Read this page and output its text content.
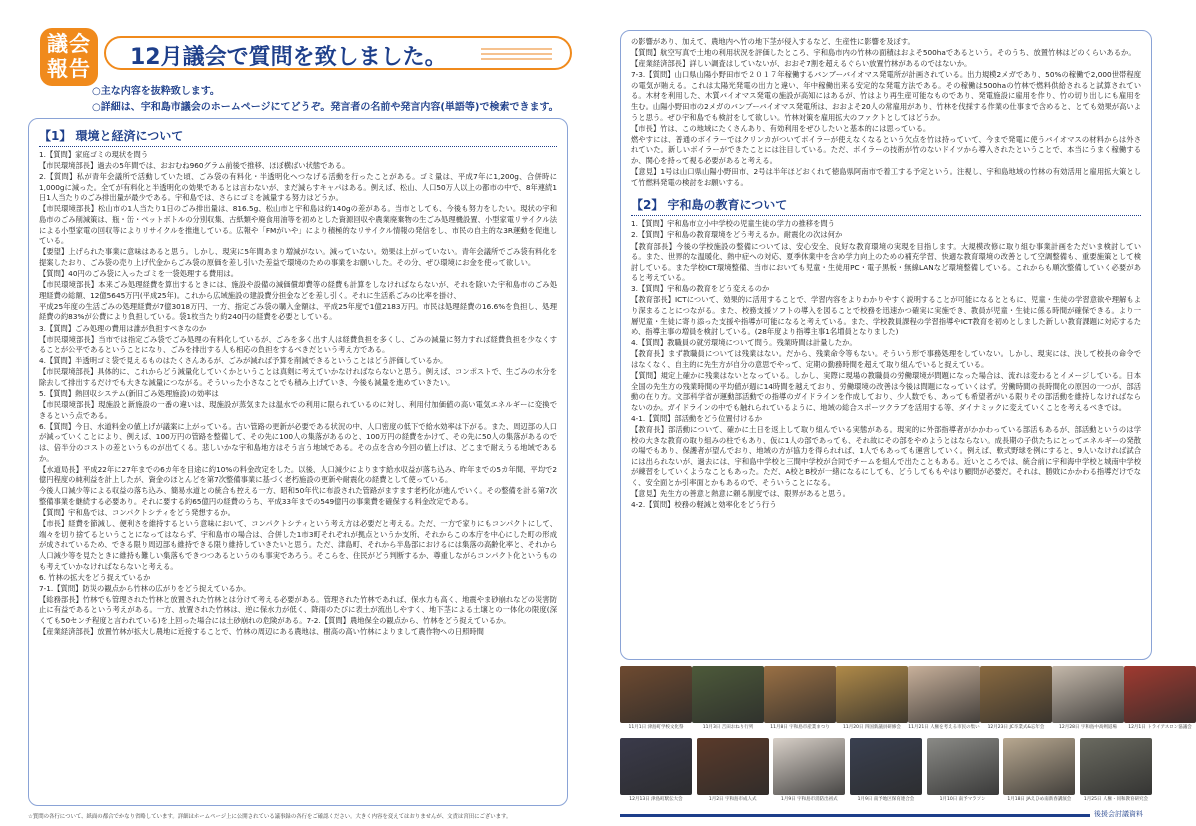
議会
報告	12月議会で質問を致しました。
○主な内容を抜粋致します。
○詳細は、宇和島市議会のホームページにてどうぞ。発言者の名前や発言内容(単語等)で検索できます。
【1】 環境と経済について
1.【質問】家庭ゴミの現状を問う
【市民環境部長】過去の5年間では、おおむね960グラム前後で推移、ほぼ横ばい状態である。
2.【質問】私が青年会議所で活動していた頃、ごみ袋の有料化・半透明化へつなげる活動を行ったことがある。ゴミ量は、平成7年に1,200g、合併時に1,000gに減った。全てが有料化と半透明化の効果であるとは言わないが、まだ減らすキャパはある。例えば、松山、人口50万人以上の都市の中で、8年連続1日1人当たりのごみ排出量が最少である。宇和島では、さらにゴミを減量する努力はどうか。
【市民環境部長】松山市の1人当たり1日のごみ排出量は、816.5g、松山市と宇和島は約140gの差がある。当市としても、今後も努力をしたい。現状の宇和島市のごみ削減策は、瓶・缶・ペットボトルの分別収集、古紙類や廃食用油等を初めとした資源回収や農業廃棄物の生ごみ処理機設置、小型家電リサイクル法による小型家電の回収等によりリサイクルを推進している。広報や「FMがいや」により積極的なリサイクル情報の発信をし、市民の自主的な3R運動を促進している。
【要望】上げられた事業に意味はあると思う。しかし、現実に5年間あまり増減がない。減っていない。効果は上がっていない。青年会議所でごみ袋有料化を提案したおり、ごみ袋の売り上げ代金からごみ袋の原価を差し引いた差益で環境のための事業をお願いした。その分、ぜひ環境にお金を使って欲しい。
【質問】40円のごみ袋に入ったゴミを一袋処理する費用は。
【市民環境部長】本来ごみ処理経費を算出するときには、施設や設備の減価償却費等の経費も計算をしなければならないが、それを除いた宇和島市のごみ処理経費の総額、12億5645万円(平成25年)。これから広域施設の建設費分担金などを差し引く。それに生活系ごみの比率を掛け、
平成25年度の生活ごみの処理経費が7億3018万円、一方、指定ごみ袋の購入金額は、平成25年度で1億2183万円。市民は処理経費の16.6%を負担し、処理経費の約83%が公費により負担している。袋1枚当たり約240円の経費を必要としている。
3.【質問】ごみ処理の費用は誰が負担すべきなのか
【市民環境部長】当市では指定ごみ袋でごみ処理の有料化しているが、ごみを多く出す人は経費負担を多くし、ごみの減量に努力すれば経費負担を少なくすることが公平であるということになり、ごみを排出する人も相応の負担をするべきだという考え方である。
4.【質問】半透明ゴミ袋で見えるものはたくさんあるが、ごみが減れば予算を削減できるということはどう評価しているか。
【市民環境部長】具体的に、これからどう減量化していくかということは真剣に考えていかなければならないと思う。例えば、コンポストで、生ごみの水分を除去して排出するだけでも大きな減量につながる。そういった小さなことでも積み上げていき、今後も減量を進めていきたい。
5.【質問】熱回収システム(新旧ごみ処理施設)の効率は
【市民環境部長】現施設と新施設の一番の違いは、現施設が蒸気または温水での利用に限られているのに対し、利用付加価値の高い電気エネルギーに変換できるという点である。
6.【質問】今日、水道料金の値上げが議案に上がっている。古い管路の更新が必要である状況の中、人口密度の低下で給水効率は下がる。また、周辺部の人口が減っていくことにより、例えば、100万円の管路を整備して、その先に100人の集落があるのと、100万円の経費をかけて、その先に50人の集落があるのでは、倍半分のコストの差というものが出てくる。悲しいかな宇和島地方はそう言う地域である。その点を含め今回の値上げは、どこまで耐えうる地域であるか。
【水道局長】平成22年に27年までの6カ年を目途に約10%の料金改定をした。以後、人口減少によります給水収益が落ち込み、昨年までの5カ年間、平均で2億円程度の純利益を計上したが、資金のほとんどを第7次整備事業に基づく老朽施設の更新や耐震化の経費として使っている。
今後人口減少等による収益の落ち込み、簡易水道との統合も控える一方、昭和50年代に布設された管路がますます老朽化が進んでいく。その整備を計る第7次整備事業を継続する必要あり。それに要する約65億円の経費のうち、平成33年までの549億円の事業費を確保する料金改定である。
【質問】宇和島では、コンパクトシティをどう発想するか。
【市長】経費を節減し、便利さを維持するという意味において、コンパクトシティという考え方は必要だと考える。ただ、一方で家りにもコンパクトにして、端々を切り捨てるということになってはならず、宇和島市の場合は、合併した1市3町それぞれが拠点というか支所、それからこの本庁を中心にした町の形成が成されているため、できる限り周辺部も維持できる限り維持していきたいと思う。ただ、津島町、それから半島部におけるには集落の高齢化率と、それから人口減少等を見たときに維持も難しい集落もできつつあるというのも事実であろう。そこらを、住民がどう判断するか、尊重しながらコンパクト化というものも考えていかなければならないと考える。
6. 竹林の拡大をどう捉えているか
7-1.【質問】防災の観点から竹林の広がりをどう捉えているか。
【総務部長】竹林でも管理された竹林と放置された竹林とは分けて考える必要がある。管理された竹林であれば、保水力も高く、地震やま砂崩れなどの災害防止に有益であるという考えがある。一方、放置された竹林は、逆に保水力が低く、降雨のたびに表土が流出しやすく、地下茎による土壌との一体化の限度(深くても50センチ程度と言われている)を上回った場合には土砂崩れの危険がある。7-2.【質問】農地保全の観点から、竹林をどう捉えているか。
【産業経済部長】放置竹林が拡大し農地に近接することで、竹林の周辺にある農地は、樹高の高い竹林によりまして農作物への日照時間
の影響があり、加えて、農地内へ竹の地下茎が侵入するなど、生産性に影響を及ぼす。
【質問】航空写真で土地の利用状況を評価したところ、宇和島市内の竹林の面積はおよそ500haであるという。そのうち、放置竹林はどのくらいあるか。
【産業経済部長】詳しい調査はしていないが、おおそ7割を超えるぐらい放置竹林があるのではないか。
7-3.【質問】山口県山陽小野田市で２０１７年稼働するバンブーバイオマス発電所が計画されている。出力規模2メガであり、50%の稼働で2,000世帯程度の電気が賄える。これは太陽光発電の出力と違い、年中稼働出来る安定的な発電方法である。その稼働は500haの竹林で燃料供給されると試算されている。木材を利用した、木質バイオマス発電の施設が高知にはあるが、竹はより再生産可能なものであり、発電施設に雇用を作り、竹の切り出しにも雇用を生む。山陽小野田市の2メガのバンブーバイオマス発電所は、おおよそ20人の常雇用があり、竹林を伐採する作業の仕事まで含めると、とても効果が高いようと思う。ぜひ宇和島でも検討をして欲しい。竹林対策を雇用拡大のファクトとしてはどうか。
【市長】竹は、この地域にたくさんあり、有効利用をぜひしたいと基本的には思っている。
燃やすには、普通のボイラーではクリンカがついてボイラーが使えなくなるという欠点を竹は持っていて、今まで発電に使うバイオマスの材料からは外されていた。新しいボイラーができたことには注目している。ただ、ボイラーの技術が竹のないドイツから導入されたということで、本当にうまく稼働するか、関心を持って視る必要があると考える。
【意見】1号は山口県山陽小野田市、2号は半年ほどおくれて徳島県阿南市で着工する予定という。注視し、宇和島地域の竹林の有効活用と雇用拡大策として竹燃料発電の検討をお願いする。
【2】 宇和島の教育について
1.【質問】宇和島市立小中学校の児童生徒の学力の推移を問う
2.【質問】宇和島の教育環境をどう考えるか。耐震化の次は何か
【教育部長】今後の学校施設の整備については、安心安全、良好な教育環境の実現を目指します。大規模改修に取り組む事業計画をただいま検討している。また、世界的な温暖化、熱中症への対応、夏季休業中を含め学力向上のための補充学習、快適な教育環境の改善として空調整備も、重要施策として検討している。また学校ICT環境整備、当市においても児童・生徒用PC・電子黒板・無線LANなど環境整備している。これからも順次整備していく必要があると考えている。
3.【質問】宇和島の教育をどう変えるのか
【教育部長】ICTについて、効果的に活用することで、学習内容をよりわかりやすく説明することが可能になるとともに、児童・生徒の学習意欲や理解もより深まることにつながる。また、校務支援ソフトの導入を図ることで校務を迅速かつ確実に実施でき、教員が児童・生徒に係る時間が確保できる。より一層児童・生徒に寄り添った支援や指導が可能になると考えている。また、学校教員課程の学習指導やICT教育を初めとしました新しい教育課題に対応するため、指導主事の増員を検討している。(28年度より指導主事1名増員となりました)
4.【質問】教職員の就労環境について問う。残業時間は計量したか。
【教育長】まず教職員については残業はない。だから、残業命令等もない。そういう形で事務処理をしていない。しかし、現実には、決して校長の命令ではなくなく、自主的に先生方が自分の意思でやって、定期の勤務時間を超えて取り組んでいると捉えている。
【質問】規定上確かに残業はないとなっている。しかし、実際に現場の教職員の労働環境が問題になった場合は、流れは変わるとイメージしている。日本全国の先生方の残業時間の平均値が週に14時間を越えており、労働環境の改善は今後は問題になっていくはず。労働時間の長時間化の原因の一つが、部活動の在り方。文部科学省が運動部活動での指導のガイドラインを作成しており、少人数でも、あっても希望者がいる限りその部活動を維持しなければならないのか。ガイドラインの中でも触れられているように、地域の総合スポーツクラブを活用する等、ダイナミックに変えていくことを考えるべきでは。
4-1.【質問】部活動をどう位置付けるか
【教育長】部活動について、確かに土日を返上して取り組んでいる実態がある。現実的に外部指導者がかかわっている部活もあるが、部活動というのは学校の大きな教育の取り組みの柱でもあり、仮に1人の部であっても、それ故にその部をやめようとはならない。成長期の子供たちにとってエネルギーの発散の場でもあり、保護者が望んでおり、地域の方が協力を得られれば、1人でもあっても運営していく。例えば、軟式野球を例にすると、9人いなければ試合には出られないが、過去には、宇和島中学校と三間中学校が合同でチームを組んで出たこともある。近いところでは、統合前に宇和海中学校と城南中学校が練習をしていくようなこともあった。ただ、A校とB校が一緒になるにしても、どうしてももやはり顧問が必要だ。それは、勝敗にかかわる指導だけでなく、安全面とか引率面とかもあるので、そういうことになる。
【意見】先生方の善意と熱意に頼る制度では、限界があると思う。
4-2.【質問】校務の軽減と効率化をどう行う
11月1日 津島町学校文化祭	11月3日 吉田おねり行列	11月8日 宇和島市産業まつり	11月20日 四国新議員研修会	11月21日 人権を考える市民の集い	12月23日 JC卒業式&忘年会	12月28日 宇和島中高剣道場	12月1日 トライアスロン協議会
12月13日 津島町駅伝大会	1月2日 宇和島市成人式	1月9日 宇和島市消防出初式	1月9日 南予地区保育連合会	1月10日 南予マラソン	1月18日 JAえひめ南新春講演会	1月25日 人権・同和教育研究会
☆質問の各行について、紙面の都合でかなり省略しています。詳細はホームページ上に公開されている議事録の各行をご確認ください。大きく内容を変えてはおりませんが、文責は宮田にございます。	後援会討議資料
